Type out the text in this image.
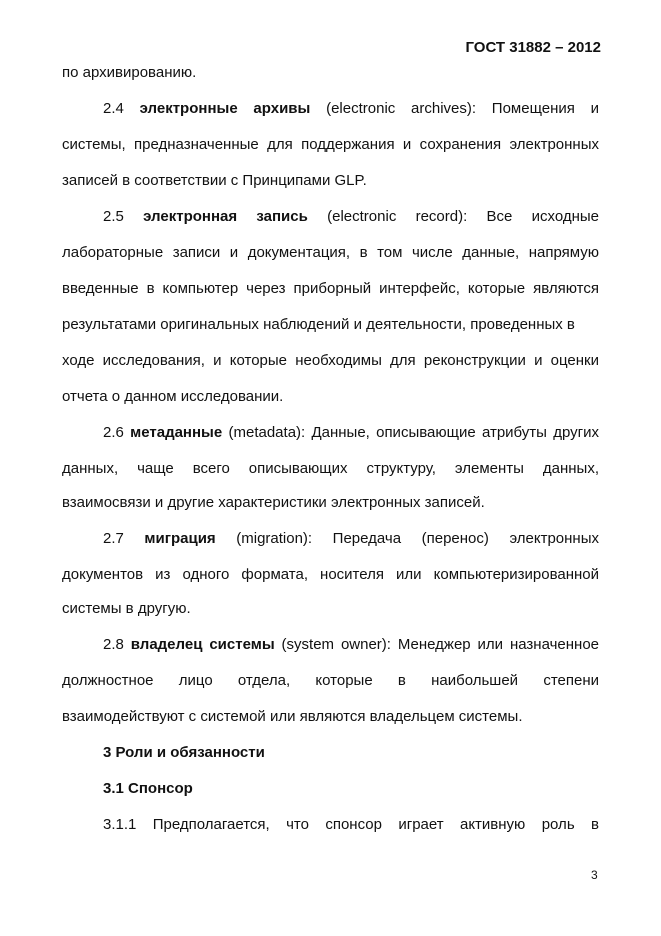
ГОСТ 31882 – 2012
по архивированию.
2.4 электронные архивы (electronic archives): Помещения и
системы, предназначенные для поддержания и сохранения электронных
записей в соответствии с Принципами GLP.
2.5 электронная запись (electronic record): Все исходные
лабораторные записи и документация, в том числе данные, напрямую
введенные в компьютер через приборный интерфейс, которые являются
результатами оригинальных наблюдений и деятельности, проведенных в
ходе исследования, и которые необходимы для реконструкции и оценки
отчета о данном исследовании.
2.6 метаданные (metadata): Данные, описывающие атрибуты других
данных, чаще всего описывающих структуру, элементы данных,
взаимосвязи и другие характеристики электронных записей.
2.7 миграция (migration): Передача (перенос) электронных
документов из одного формата, носителя или компьютеризированной
системы в другую.
2.8 владелец системы (system owner): Менеджер или назначенное
должностное лицо отдела, которые в наибольшей степени
взаимодействуют с системой или являются владельцем системы.
3 Роли и обязанности
3.1 Спонсор
3.1.1 Предполагается, что спонсор играет активную роль в
3
